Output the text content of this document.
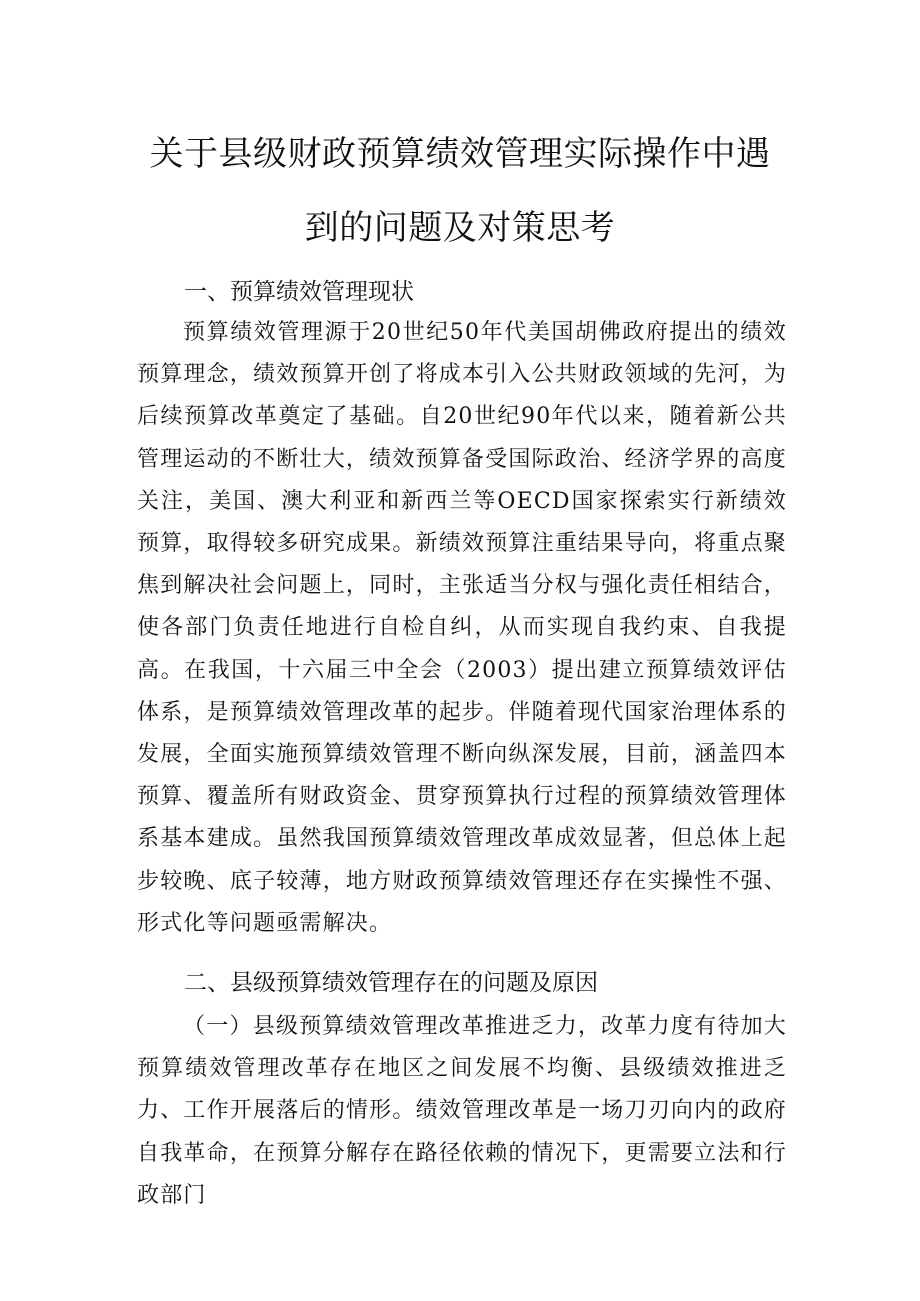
关于县级财政预算绩效管理实际操作中遇
到的问题及对策思考
一、预算绩效管理现状

预算绩效管理源于20世纪50年代美国胡佛政府提出的绩效预算理念，绩效预算开创了将成本引入公共财政领域的先河，为后续预算改革奠定了基础。自20世纪90年代以来，随着新公共管理运动的不断壮大，绩效预算备受国际政治、经济学界的高度关注，美国、澳大利亚和新西兰等OECD国家探索实行新绩效预算，取得较多研究成果。新绩效预算注重结果导向，将重点聚焦到解决社会问题上，同时，主张适当分权与强化责任相结合，使各部门负责任地进行自检自纠，从而实现自我约束、自我提高。在我国，十六届三中全会（2003）提出建立预算绩效评估体系，是预算绩效管理改革的起步。伴随着现代国家治理体系的发展，全面实施预算绩效管理不断向纵深发展，目前，涵盖四本预算、覆盖所有财政资金、贯穿预算执行过程的预算绩效管理体系基本建成。虽然我国预算绩效管理改革成效显著，但总体上起步较晚、底子较薄，地方财政预算绩效管理还存在实操性不强、形式化等问题亟需解决。

二、县级预算绩效管理存在的问题及原因

（一）县级预算绩效管理改革推进乏力，改革力度有待加大预算绩效管理改革存在地区之间发展不均衡、县级绩效推进乏力、工作开展落后的情形。绩效管理改革是一场刀刃向内的政府自我革命，在预算分解存在路径依赖的情况下，更需要立法和行政部门
